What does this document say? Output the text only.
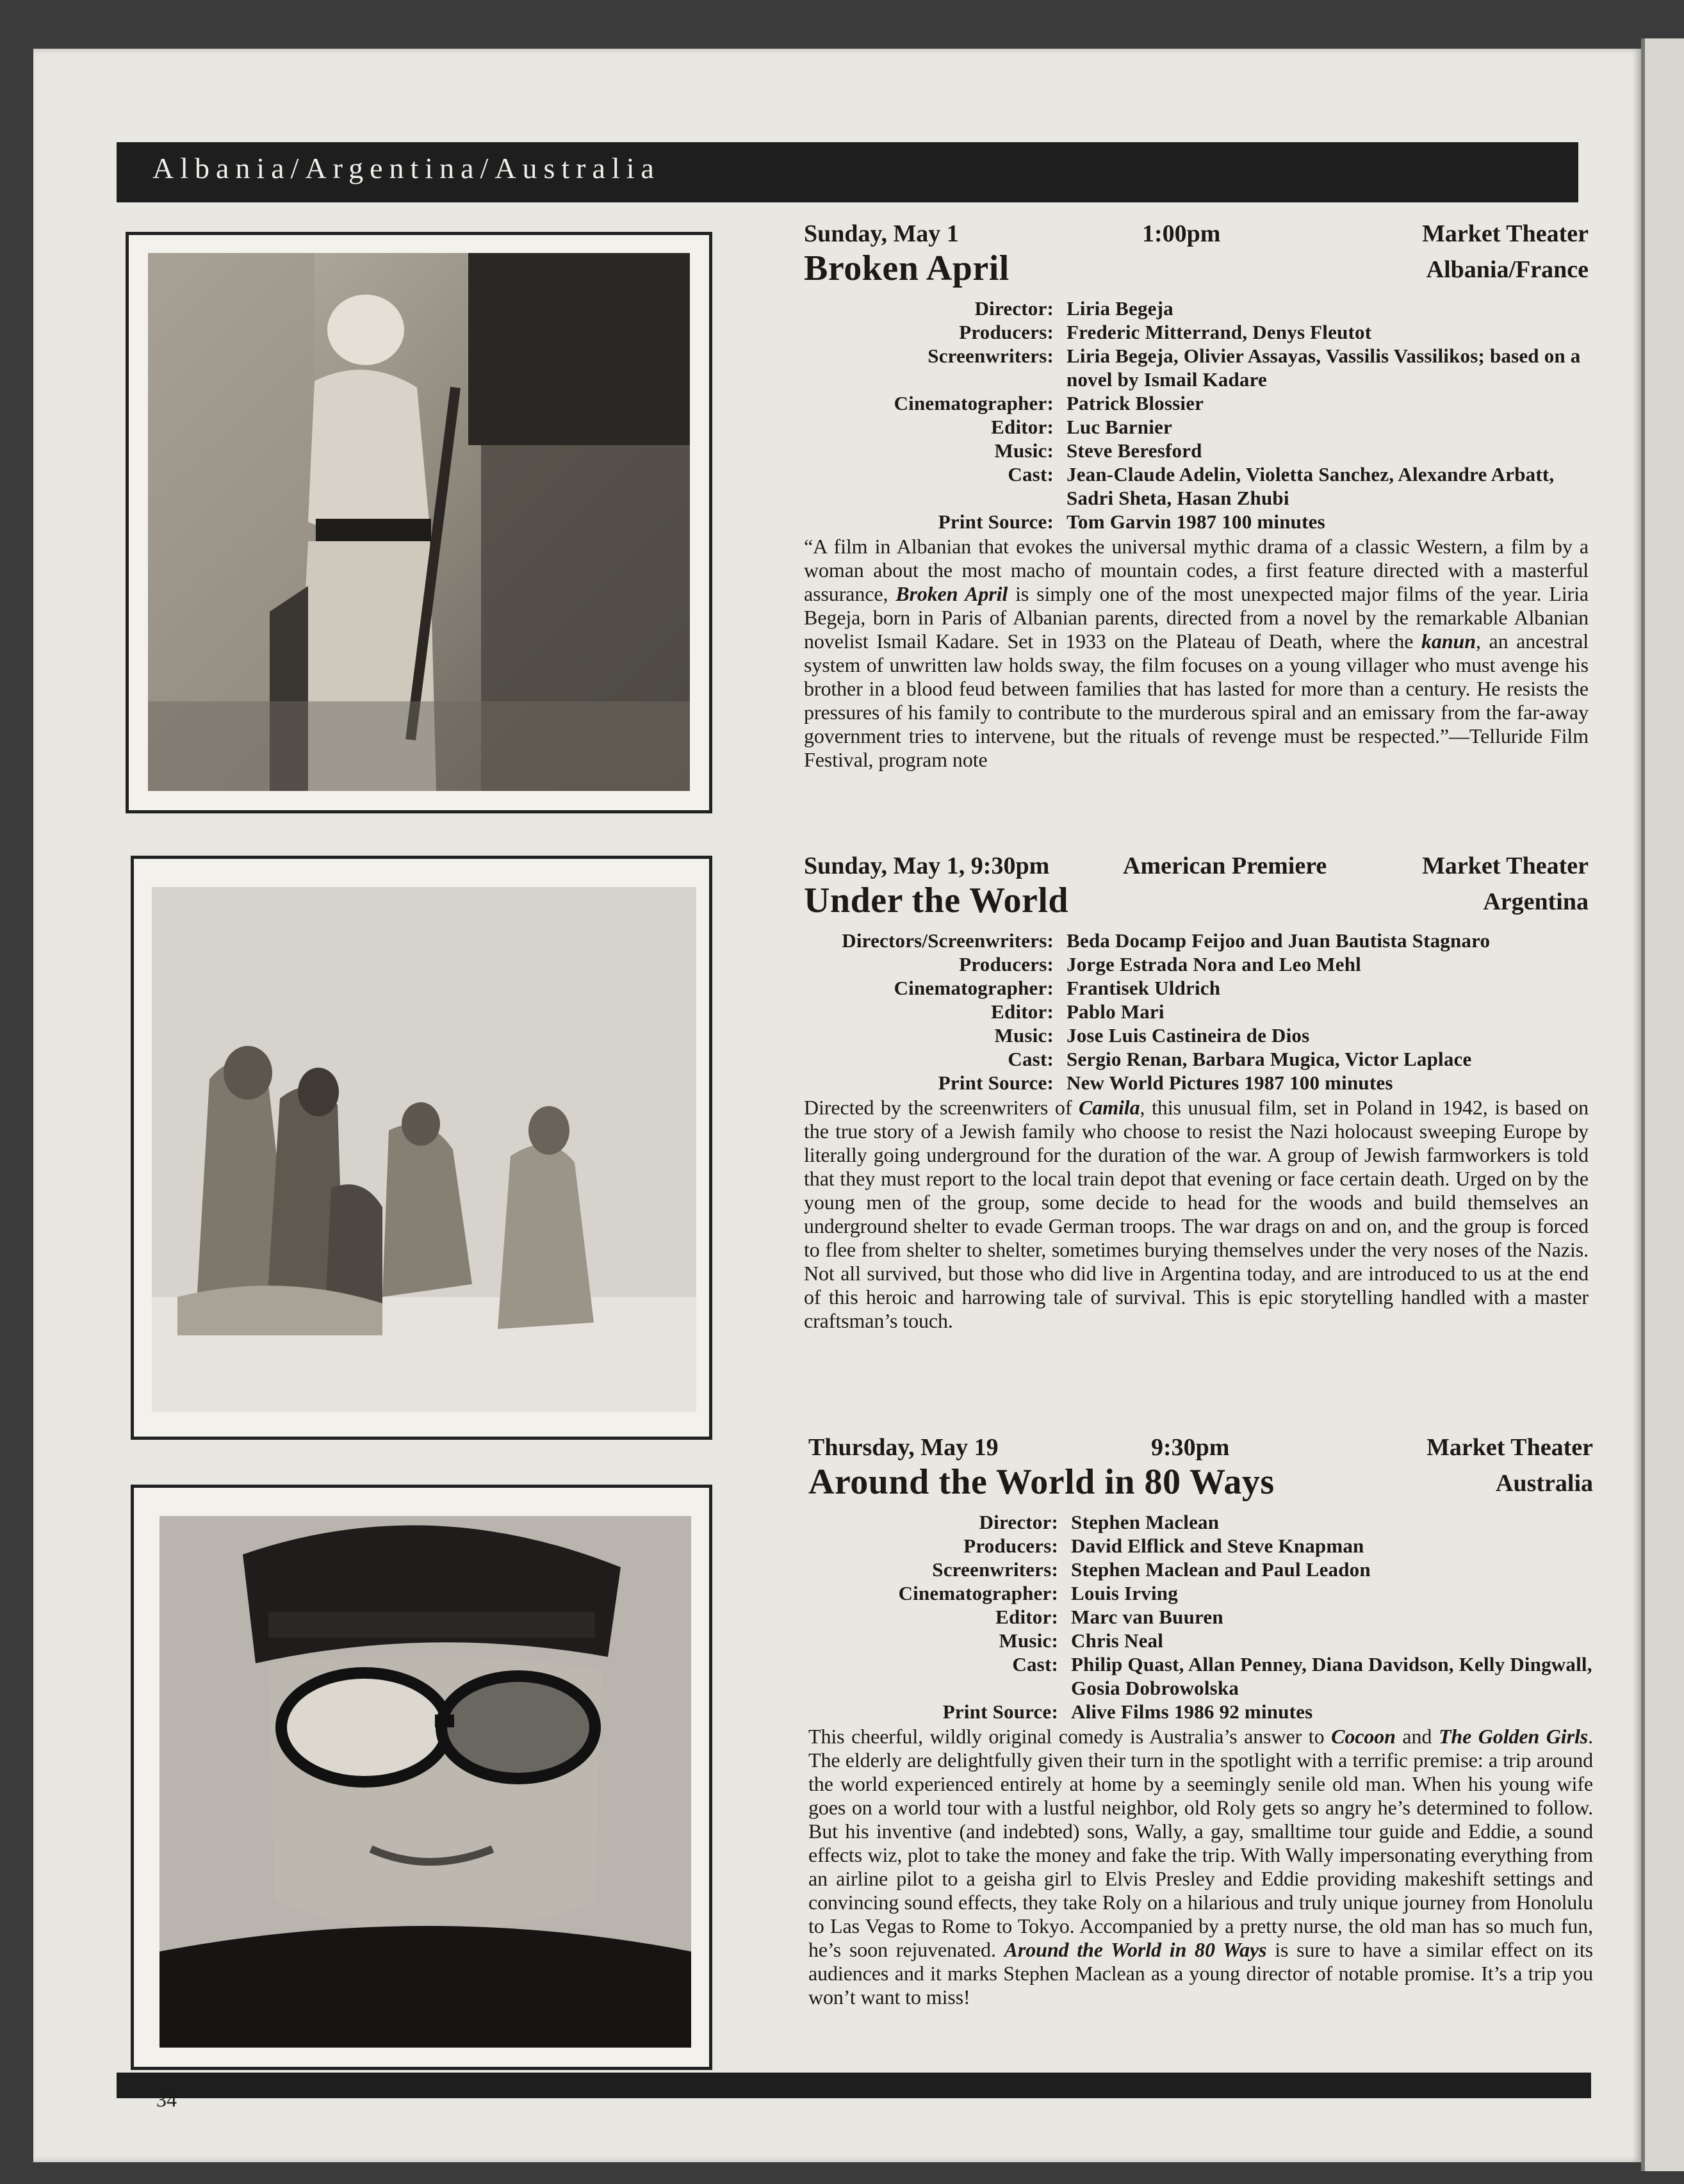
Albania/Argentina/Australia
Sunday, May 1	1:00pm	Market Theater
Broken April	Albania/France
Director: Liria Begeja
Producers: Frederic Mitterrand, Denys Fleutot
Screenwriters: Liria Begeja, Olivier Assayas, Vassilis Vassilikos; based on a novel by Ismail Kadare
Cinematographer: Patrick Blossier
Editor: Luc Barnier
Music: Steve Beresford
Cast: Jean-Claude Adelin, Violetta Sanchez, Alexandre Arbatt, Sadri Sheta, Hasan Zhubi
Print Source: Tom Garvin 1987 100 minutes
“A film in Albanian that evokes the universal mythic drama of a classic Western, a film by a woman about the most macho of mountain codes, a first feature directed with a masterful assurance, Broken April is simply one of the most unexpected major films of the year. Liria Begeja, born in Paris of Albanian parents, directed from a novel by the remarkable Albanian novelist Ismail Kadare. Set in 1933 on the Plateau of Death, where the kanun, an ancestral system of unwritten law holds sway, the film focuses on a young villager who must avenge his brother in a blood feud between families that has lasted for more than a century. He resists the pressures of his family to contribute to the murderous spiral and an emissary from the far-away government tries to intervene, but the rituals of revenge must be respected.”—Telluride Film Festival, program note
Sunday, May 1, 9:30pm	American Premiere	Market Theater
Under the World	Argentina
Directors/Screenwriters: Beda Docamp Feijoo and Juan Bautista Stagnaro
Producers: Jorge Estrada Nora and Leo Mehl
Cinematographer: Frantisek Uldrich
Editor: Pablo Mari
Music: Jose Luis Castineira de Dios
Cast: Sergio Renan, Barbara Mugica, Victor Laplace
Print Source: New World Pictures 1987 100 minutes
Directed by the screenwriters of Camila, this unusual film, set in Poland in 1942, is based on the true story of a Jewish family who choose to resist the Nazi holocaust sweeping Europe by literally going underground for the duration of the war. A group of Jewish farmworkers is told that they must report to the local train depot that evening or face certain death. Urged on by the young men of the group, some decide to head for the woods and build themselves an underground shelter to evade German troops. The war drags on and on, and the group is forced to flee from shelter to shelter, sometimes burying themselves under the very noses of the Nazis. Not all survived, but those who did live in Argentina today, and are introduced to us at the end of this heroic and harrowing tale of survival. This is epic storytelling handled with a master craftsman’s touch.
Thursday, May 19	9:30pm	Market Theater
Around the World in 80 Ways	Australia
Director: Stephen Maclean
Producers: David Elflick and Steve Knapman
Screenwriters: Stephen Maclean and Paul Leadon
Cinematographer: Louis Irving
Editor: Marc van Buuren
Music: Chris Neal
Cast: Philip Quast, Allan Penney, Diana Davidson, Kelly Dingwall, Gosia Dobrowolska
Print Source: Alive Films 1986 92 minutes
This cheerful, wildly original comedy is Australia’s answer to Cocoon and The Golden Girls. The elderly are delightfully given their turn in the spotlight with a terrific premise: a trip around the world experienced entirely at home by a seemingly senile old man. When his young wife goes on a world tour with a lustful neighbor, old Roly gets so angry he’s determined to follow. But his inventive (and indebted) sons, Wally, a gay, smalltime tour guide and Eddie, a sound effects wiz, plot to take the money and fake the trip. With Wally impersonating everything from an airline pilot to a geisha girl to Elvis Presley and Eddie providing makeshift settings and convincing sound effects, they take Roly on a hilarious and truly unique journey from Honolulu to Las Vegas to Rome to Tokyo. Accompanied by a pretty nurse, the old man has so much fun, he’s soon rejuvenated. Around the World in 80 Ways is sure to have a similar effect on its audiences and it marks Stephen Maclean as a young director of notable promise. It’s a trip you won’t want to miss!
34
